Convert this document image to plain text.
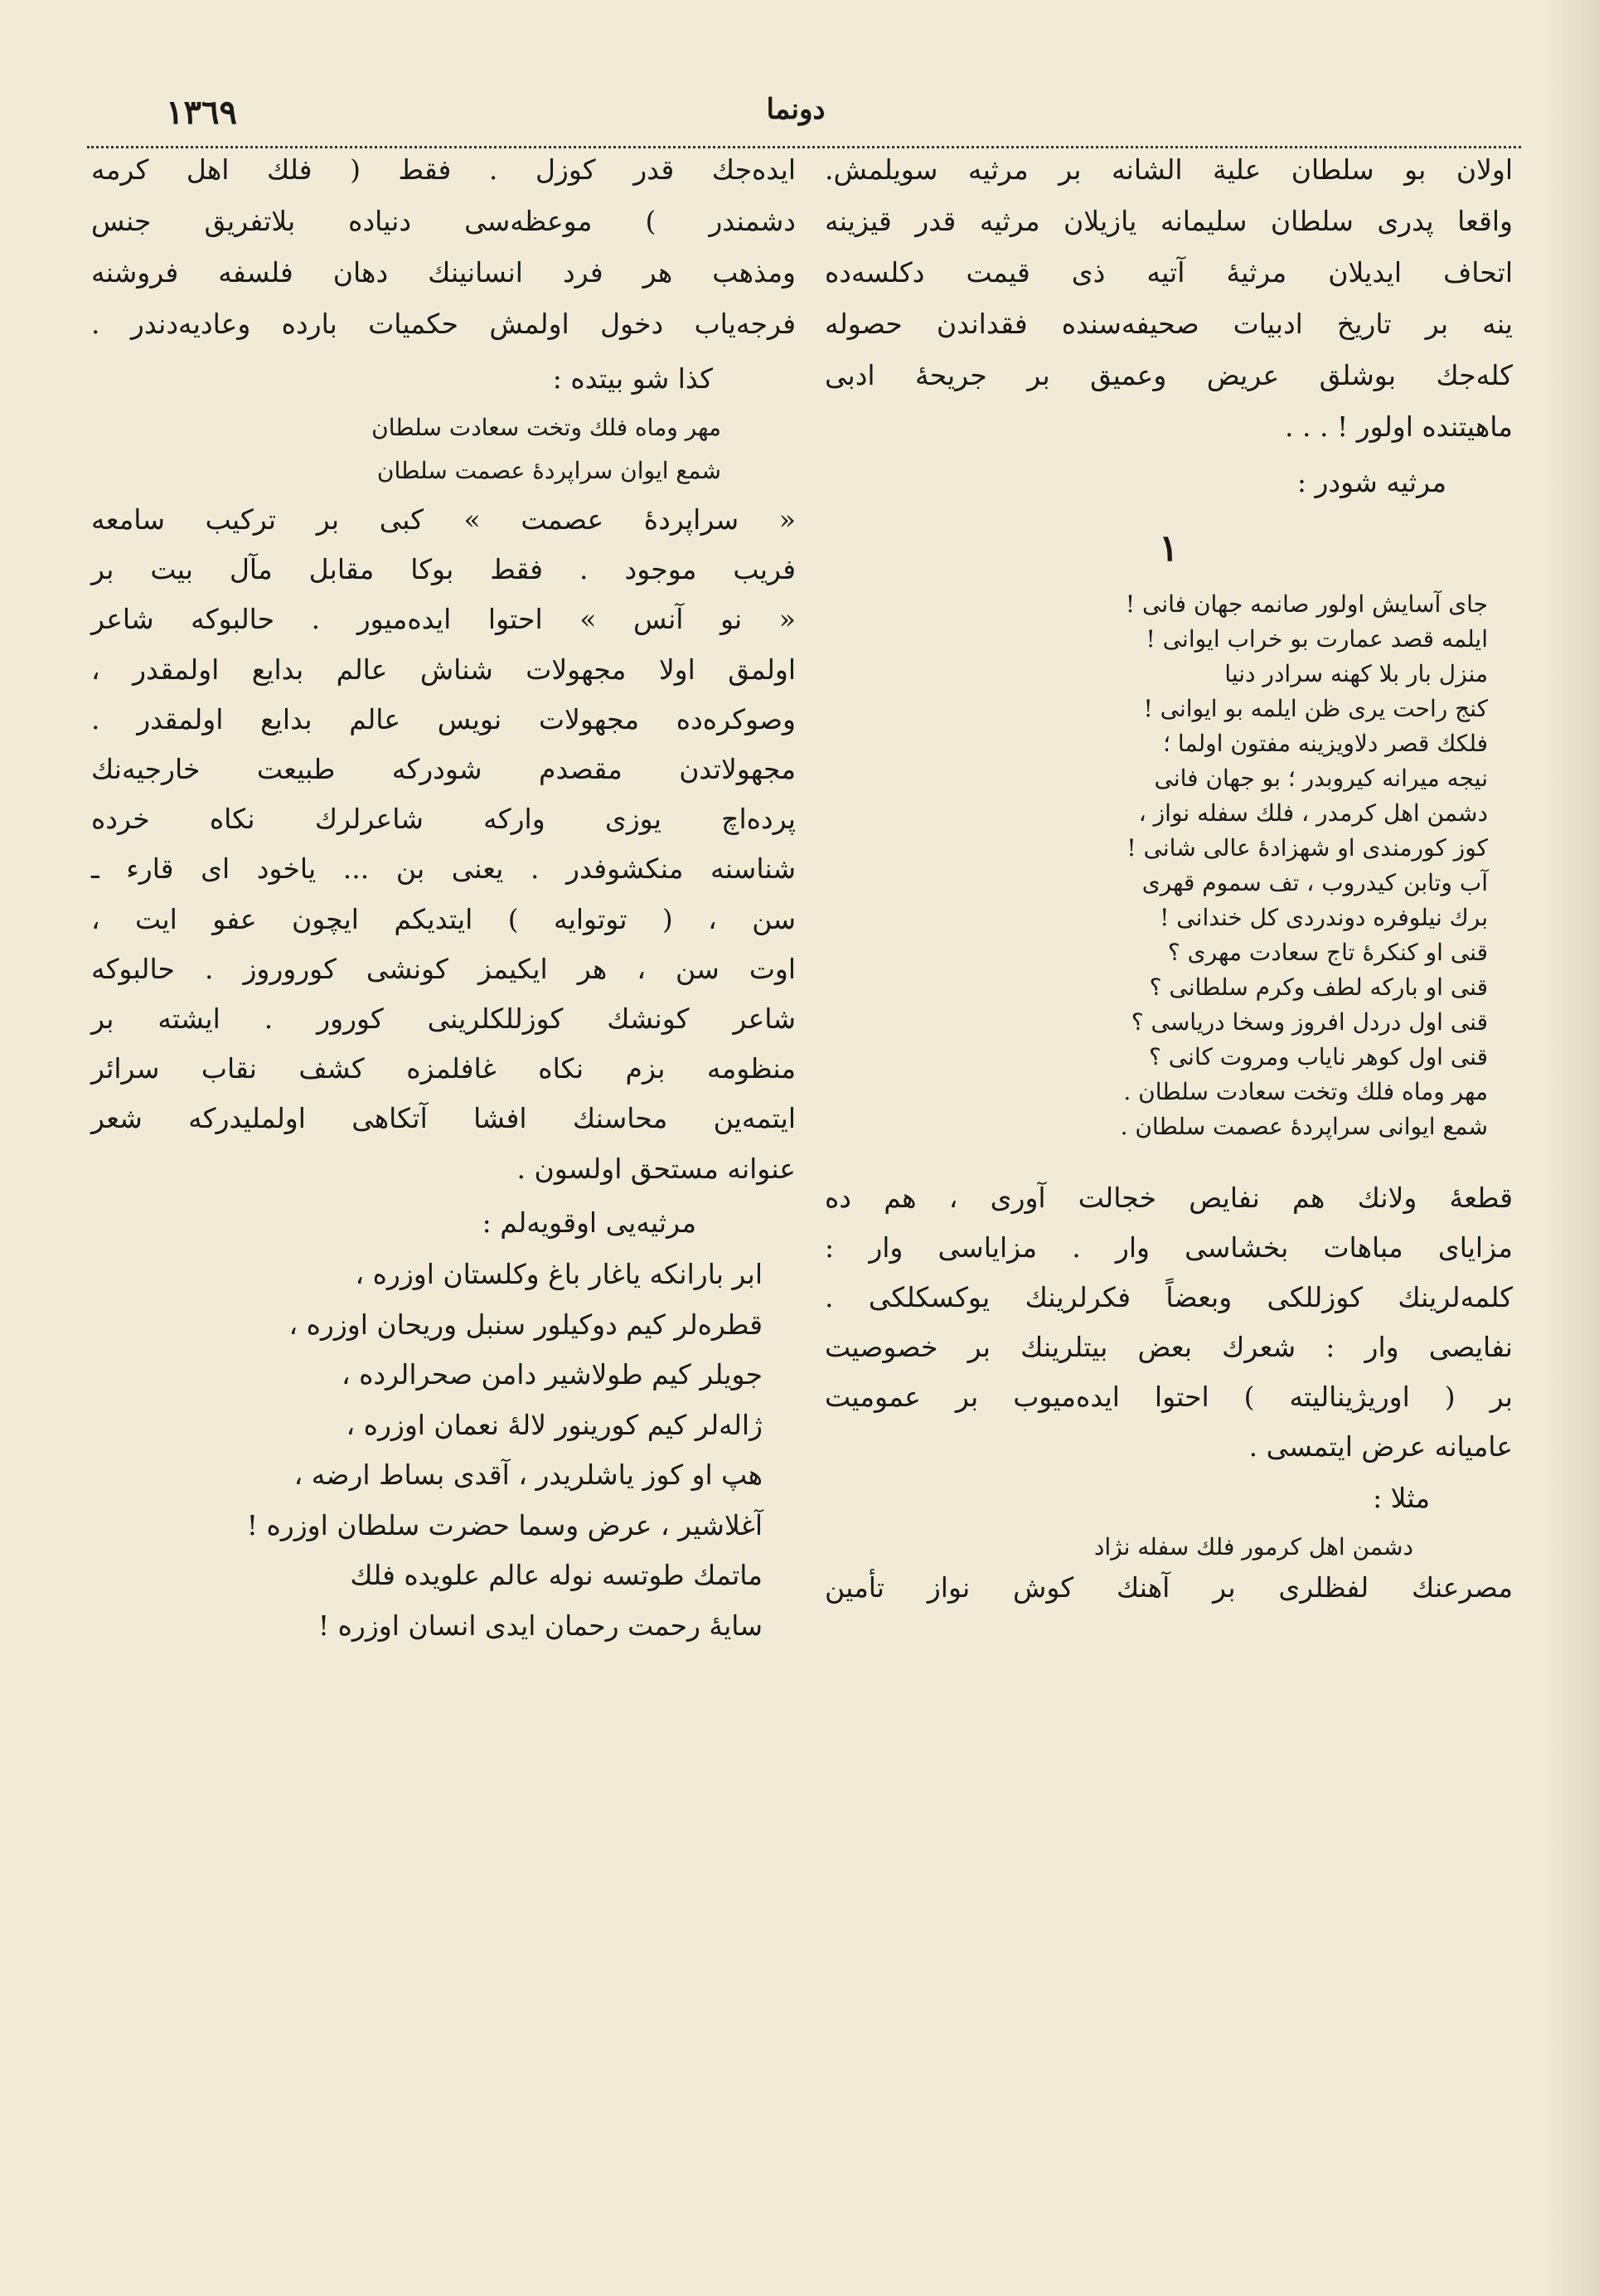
١٣٦٩	دونما
اولان بو سلطان علية الشانه بر مرثيه سويلمش.
واقعا پدری سلطان سليمانه يازيلان مرثيه قدر قيزينه
اتحاف ايديلان مرثيهٔ آتيه ذی قيمت دكلسه‌ده
ينه بر تاريخ ادبيات صحيفه‌سنده فقداندن حصوله
كله‌جك بوشلق عريض وعميق بر جريحهٔ ادبی
ماهيتنده اولور ! . . .
مرثيه شودر :
١
جای آسايش اولور صانمه جهان فانی !
ايلمه قصد عمارت بو خراب ايوانی !
منزل بار بلا كهنه سرادر دنيا
كنج راحت يری ظن ايلمه بو ايوانی !
فلكك قصر دلاويزينه مفتون اولما ؛
نيجه ميرانه كيروبدر ؛ بو جهان فانی
دشمن اهل كرمدر ، فلك سفله نواز ،
كوز كورمندی او شهزادهٔ عالی شانی !
آب وتابن كيدروب ، تف سموم قهری
برك نيلوفره دوندردی كل خندانی !
قنی او كنكرهٔ تاج سعادت مهری ؟
قنی او باركه لطف وكرم سلطانی ؟
قنی اول دردل افروز وسخا درياسی ؟
قنی اول كوهر ناياب ومروت كانی ؟
مهر وماه فلك وتخت سعادت سلطان .
شمع ايوانی سراپردهٔ عصمت سلطان .
قطعهٔ ولانك هم نفايص خجالت آوری ، هم ده
مزايای مباهات بخشاسی وار . مزاياسی وار :
كلمه‌لرينك كوزللكی وبعضاً فكرلرينك يوكسكلكی .
نفايصی وار : شعرك بعض بيتلرينك بر خصوصيت
بر ( اوريژيناليته ) احتوا ايده‌ميوب بر عموميت
عاميانه عرض ايتمسی .
مثلا :
دشمن اهل كرمور فلك سفله نژاد
مصرعنك لفظلری بر آهنك كوش نواز تأمين
ايده‌جك قدر كوزل . فقط ( فلك اهل كرمه
دشمندر ) موعظه‌سی دنياده بلاتفريق جنس
ومذهب هر فرد انسانينك دهان فلسفه فروشنه
فرجه‌ياب دخول اولمش حكميات بارده وعاديه‌دندر .
كذا شو بيتده :
مهر وماه فلك وتخت سعادت سلطان
شمع ايوان سراپردهٔ عصمت سلطان
« سراپردهٔ عصمت » كبی بر تركيب سامعه
فريب موجود . فقط بوكا مقابل مآل بيت بر
« نو آنس » احتوا ايده‌ميور . حالبوكه شاعر
اولمق اولا مجهولات شناش عالم بدايع اولمقدر ،
وصوكره‌ده مجهولات نويس عالم بدايع اولمقدر .
مجهولاتدن مقصدم شودركه طبيعت خارجيه‌نك
پرده‌اچ يوزی واركه شاعرلرك نكاه خرده
شناسنه منكشوفدر . يعنی بن ... ياخود ای قارء ـ
سن ، ( توتوايه ) ايتديكم ايچون عفو ايت ،
اوت سن ، هر ايكيمز كونشی كوروروز . حالبوكه
شاعر كونشك كوزللكلرينی كورور . ايشته بر
منظومه بزم نكاه غافلمزه كشف نقاب سرائر
ايتمه‌ين محاسنك افشا آتكاهی اولمليدركه شعر
عنوانه مستحق اولسون .
مرثيه‌يی اوقويه‌لم :
ابر بارانكه ياغار باغ وكلستان اوزره ،
قطره‌لر كيم دوكيلور سنبل وريحان اوزره ،
جويلر كيم طولاشير دامن صحرالرده ،
ژاله‌لر كيم كورينور لالهٔ نعمان اوزره ،
هپ او كوز ياشلريدر ، آقدی بساط ارضه ،
آغلاشير ، عرض وسما حضرت سلطان اوزره !
ماتمك طوتسه نوله عالم علويده فلك
سايهٔ رحمت رحمان ايدی انسان اوزره !
